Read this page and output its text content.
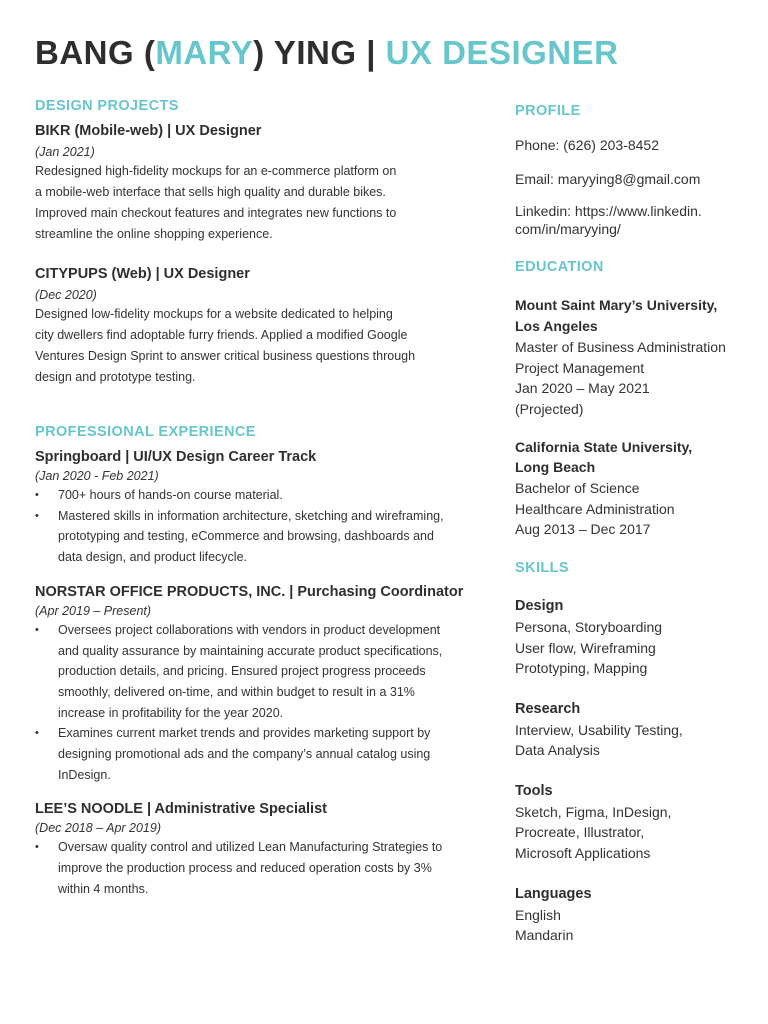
BANG (MARY) YING | UX DESIGNER
DESIGN PROJECTS

BIKR (Mobile-web) | UX Designer

(Jan 2021)

Redesigned high-fidelity mockups for an e-commerce platform on
a mobile-web interface that sells high quality and durable bikes.
Improved main checkout features and integrates new functions to
streamline the online shopping experience.

CITYPUPS (Web) | UX Designer

(Dec 2020)

Designed low-fidelity mockups for a website dedicated to helping
city dwellers find adoptable furry friends. Applied a modified Google
Ventures Design Sprint to answer critical business questions through
design and prototype testing.

PROFESSIONAL EXPERIENCE

Springboard | UI/UX Design Career Track

(Jan 2020 - Feb 2021)

• 700+ hours of hands-on course material.
• Mastered skills in information architecture, sketching and wireframing,
prototyping and testing, eCommerce and browsing, dashboards and
data design, and product lifecycle.

NORSTAR OFFICE PRODUCTS, INC. | Purchasing Coordinator

(Apr 2019 – Present)

• Oversees project collaborations with vendors in product development
and quality assurance by maintaining accurate product specifications,
production details, and pricing. Ensured project progress proceeds
smoothly, delivered on-time, and within budget to result in a 31%
increase in profitability for the year 2020.
• Examines current market trends and provides marketing support by
designing promotional ads and the company’s annual catalog using
InDesign.

LEE’S NOODLE | Administrative Specialist

(Dec 2018 – Apr 2019)

• Oversaw quality control and utilized Lean Manufacturing Strategies to
improve the production process and reduced operation costs by 3%
within 4 months.
PROFILE

Phone: (626) 203-8452

Email: maryying8@gmail.com

Linkedin: https://www.linkedin.
com/in/maryying/

EDUCATION

Mount Saint Mary’s University,
Los Angeles

Master of Business Administration
Project Management
Jan 2020 – May 2021
(Projected)

California State University,
Long Beach

Bachelor of Science
Healthcare Administration
Aug 2013 – Dec 2017

SKILLS

Design

Persona, Storyboarding
User flow, Wireframing
Prototyping, Mapping

Research

Interview, Usability Testing,
Data Analysis

Tools

Sketch, Figma, InDesign,
Procreate, Illustrator,
Microsoft Applications

Languages

English
Mandarin
